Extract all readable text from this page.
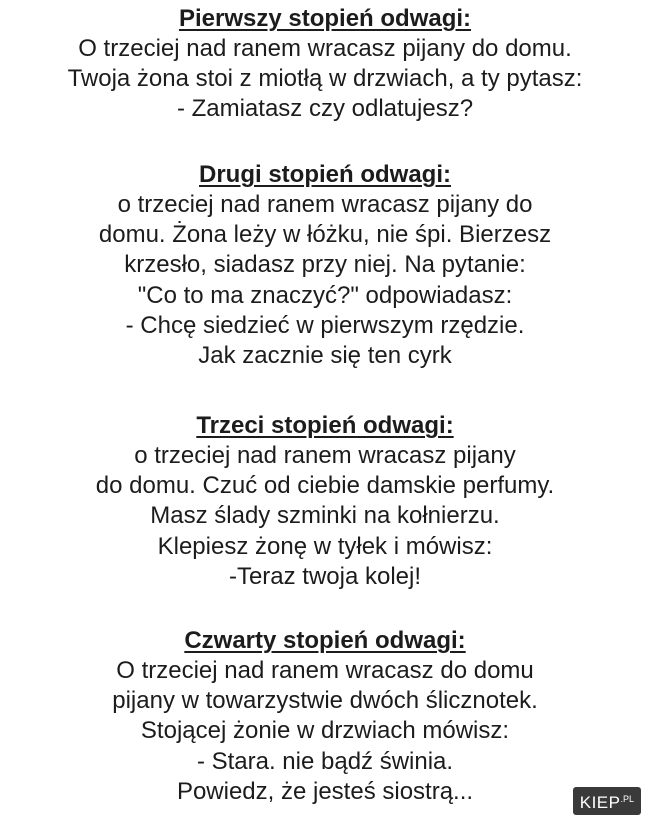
Pierwszy stopień odwagi:
O trzeciej nad ranem wracasz pijany do domu.
Twoja żona stoi z miotłą w drzwiach, a ty pytasz:
- Zamiatasz czy odlatujesz?
Drugi stopień odwagi:
o trzeciej nad ranem wracasz pijany do
domu. Żona leży w łóżku, nie śpi. Bierzesz
krzesło, siadasz przy niej. Na pytanie:
"Co to ma znaczyć?" odpowiadasz:
- Chcę siedzieć w pierwszym rzędzie.
Jak zacznie się ten cyrk
Trzeci stopień odwagi:
o trzeciej nad ranem wracasz pijany
do domu. Czuć od ciebie damskie perfumy.
Masz ślady szminki na kołnierzu.
Klepiesz żonę w tyłek i mówisz:
-Teraz twoja kolej!
Czwarty stopień odwagi:
O trzeciej nad ranem wracasz do domu
pijany w towarzystwie dwóch ślicznotek.
Stojącej żonie w drzwiach mówisz:
- Stara. nie bądź świnia.
Powiedz, że jesteś siostrą...	$KIEP^{.PL}$
